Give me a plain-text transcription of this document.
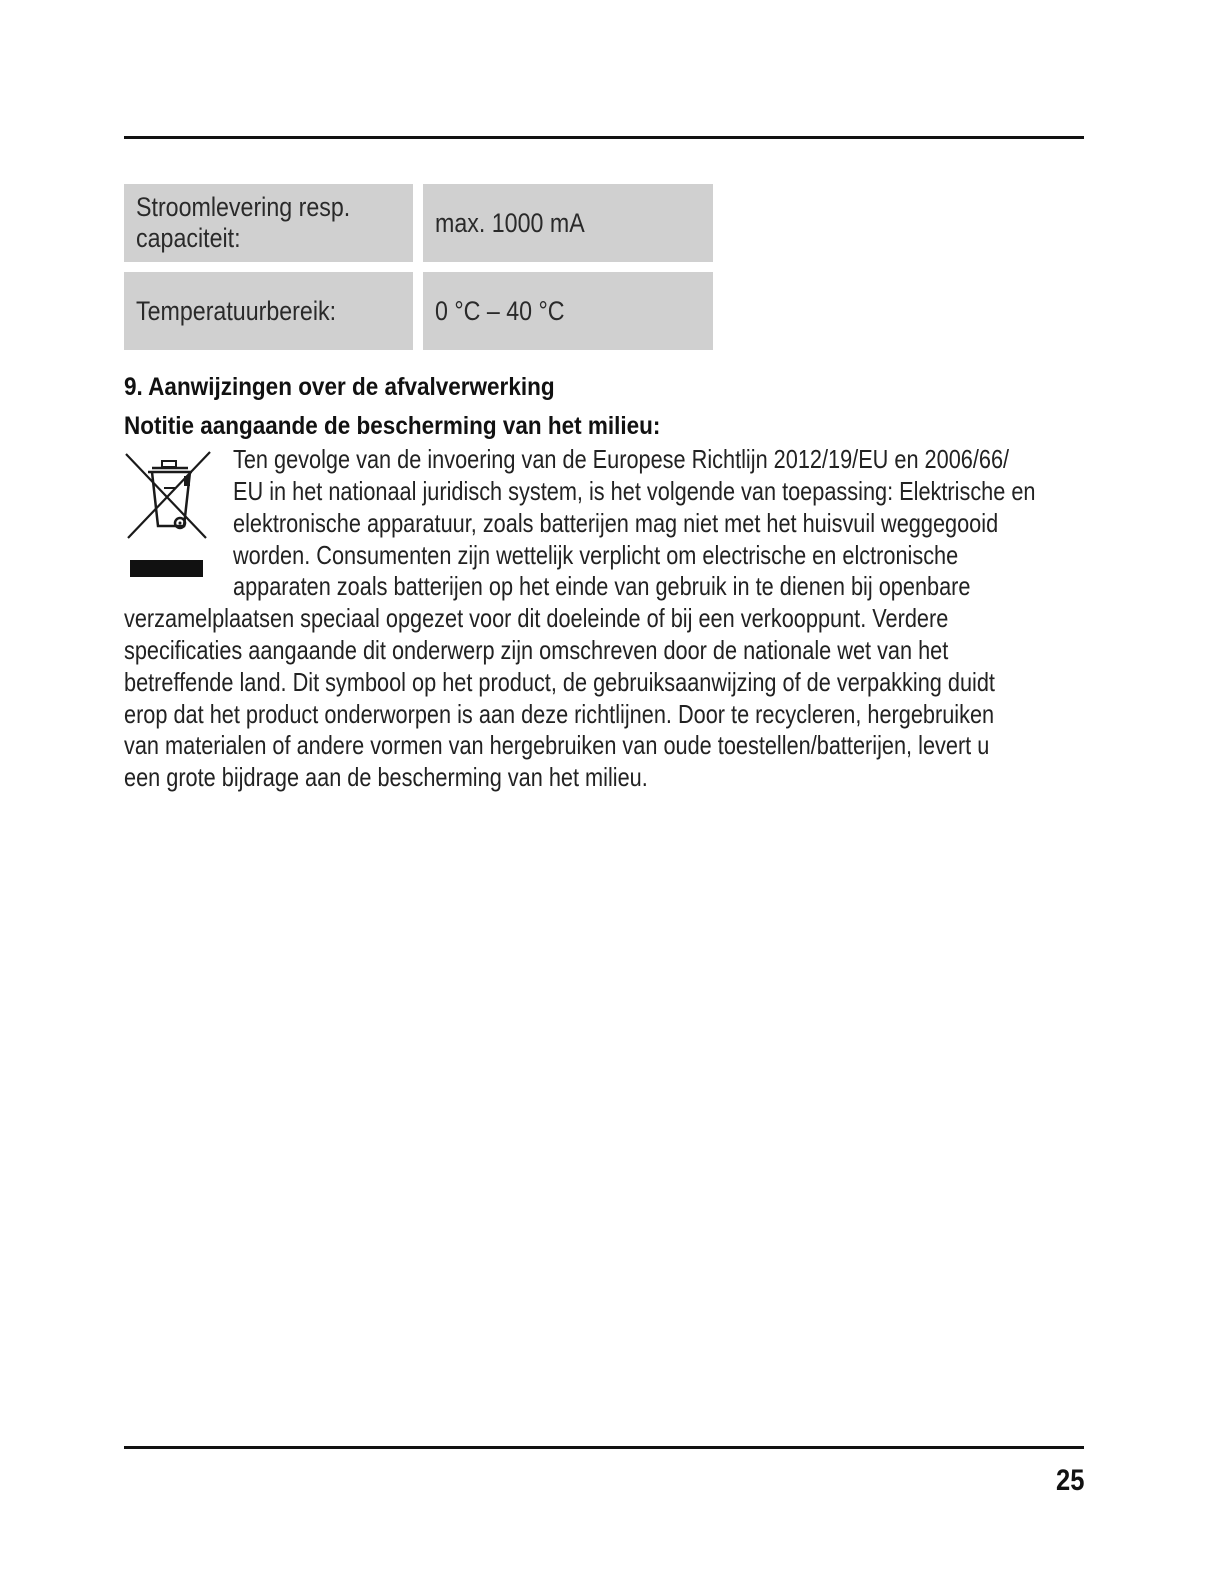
Stroomlevering resp. capaciteit:
max. 1000 mA
Temperatuurbereik:	0 °C – 40 °C
9. Aanwijzingen over de afvalverwerking
Notitie aangaande de bescherming van het milieu:
Ten gevolge van de invoering van de Europese Richtlijn 2012/19/EU en 2006/66/
EU in het nationaal juridisch system, is het volgende van toepassing: Elektrische en
elektronische apparatuur, zoals batterijen mag niet met het huisvuil weggegooid
worden. Consumenten zijn wettelijk verplicht om electrische en elctronische
apparaten zoals batterijen op het einde van gebruik in te dienen bij openbare
verzamelplaatsen speciaal opgezet voor dit doeleinde of bij een verkooppunt. Verdere
specificaties aangaande dit onderwerp zijn omschreven door de nationale wet van het
betreffende land. Dit symbool op het product, de gebruiksaanwijzing of de verpakking duidt
erop dat het product onderworpen is aan deze richtlijnen. Door te recycleren, hergebruiken
van materialen of andere vormen van hergebruiken van oude toestellen/batterijen, levert u
een grote bijdrage aan de bescherming van het milieu.
25
